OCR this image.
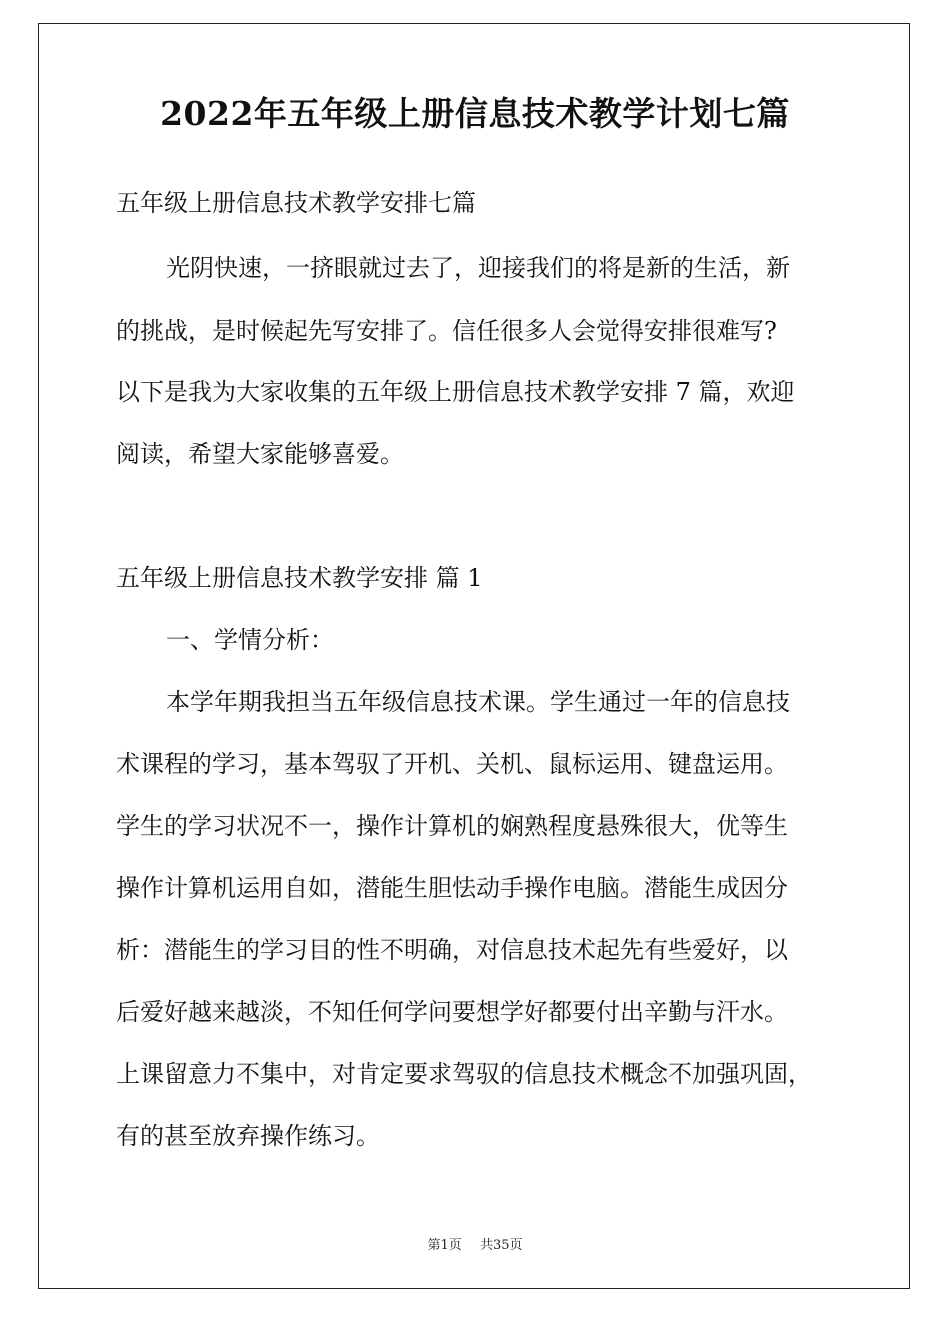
2022年五年级上册信息技术教学计划七篇
五年级上册信息技术教学安排七篇
光阴快速，一挤眼就过去了，迎接我们的将是新的生活，新
的挑战，是时候起先写安排了。信任很多人会觉得安排很难写?
以下是我为大家收集的五年级上册信息技术教学安排 7 篇，欢迎
阅读，希望大家能够喜爱。
五年级上册信息技术教学安排 篇 1
一、学情分析：
本学年期我担当五年级信息技术课。学生通过一年的信息技
术课程的学习，基本驾驭了开机、关机、鼠标运用、键盘运用。
学生的学习状况不一，操作计算机的娴熟程度悬殊很大，优等生
操作计算机运用自如，潜能生胆怯动手操作电脑。潜能生成因分
析：潜能生的学习目的性不明确，对信息技术起先有些爱好，以
后爱好越来越淡，不知任何学问要想学好都要付出辛勤与汗水。
上课留意力不集中，对肯定要求驾驭的信息技术概念不加强巩固，
有的甚至放弃操作练习。
第1页 共35页
